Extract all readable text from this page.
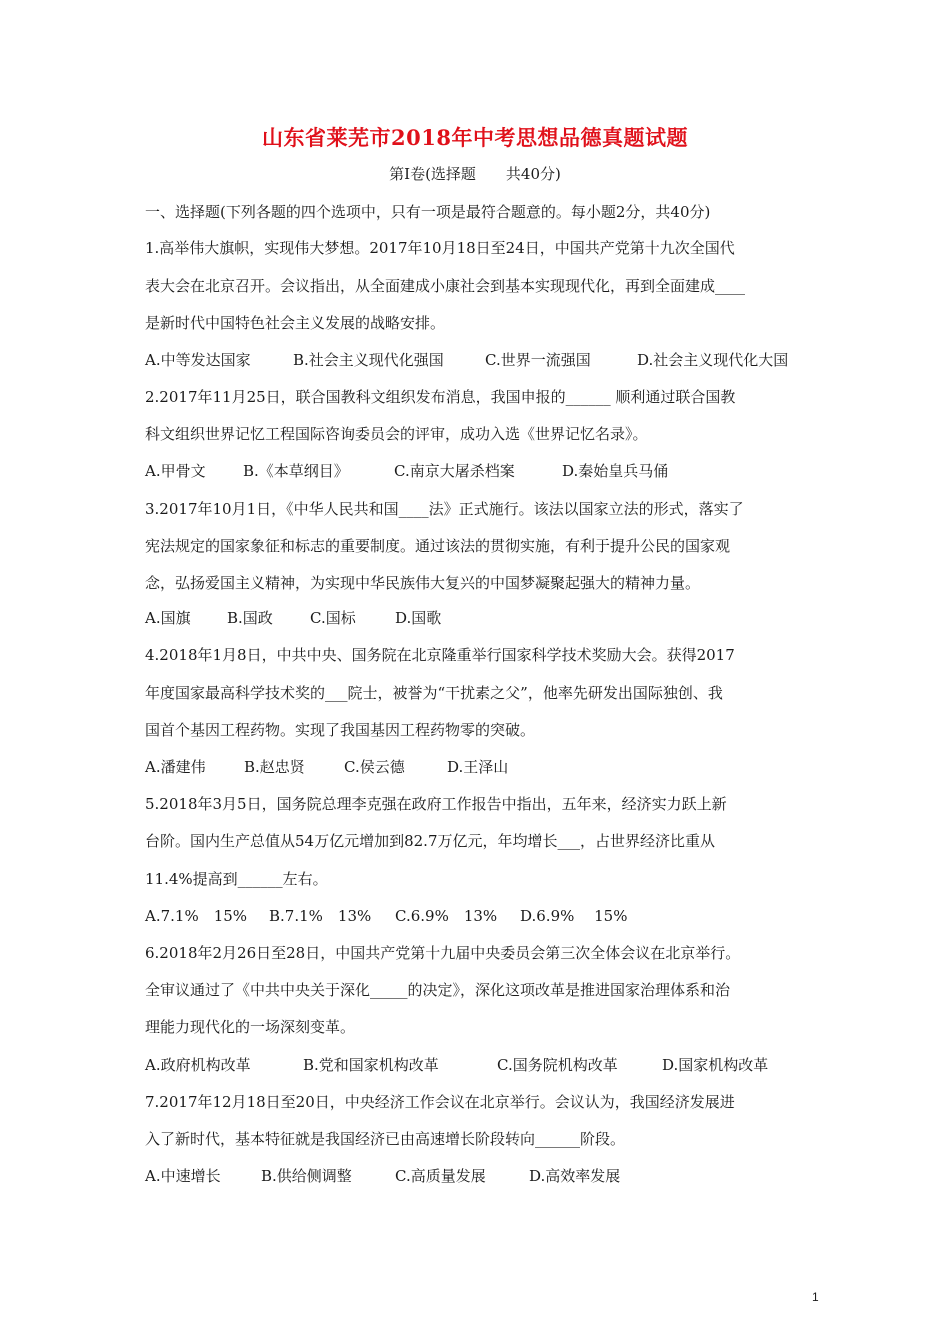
山东省莱芜市2018年中考思想品德真题试题
第Ⅰ卷(选择题　　共40分)
一、选择题(下列各题的四个选项中，只有一项是最符合题意的。每小题2分，共40分)
1.高举伟大旗帜，实现伟大梦想。2017年10月18日至24日，中国共产党第十九次全国代
表大会在北京召开。会议指出，从全面建成小康社会到基本实现现代化，再到全面建成____
是新时代中国特色社会主义发展的战略安排。
A.中等发达国家	B.社会主义现代化强国	C.世界一流强国	D.社会主义现代化大国
2.2017年11月25日，联合国教科文组织发布消息，我国申报的______ 顺利通过联合国教
科文组织世界记忆工程国际咨询委员会的评审，成功入选《世界记忆名录》。
A.甲骨文 B.《本草纲目》	C.南京大屠杀档案	D.秦始皇兵马俑
3.2017年10月1日，《中华人民共和国____法》正式施行。该法以国家立法的形式，落实了
宪法规定的国家象征和标志的重要制度。通过该法的贯彻实施，有利于提升公民的国家观
念，弘扬爱国主义精神，为实现中华民族伟大复兴的中国梦凝聚起强大的精神力量。
A.国旗 B.国政 C.国标	D.国歌
4.2018年1月8日，中共中央、国务院在北京隆重举行国家科学技术奖励大会。获得2017
年度国家最高科学技术奖的___院士，被誉为“干扰素之父”，他率先研发出国际独创、我
国首个基因工程药物。实现了我国基因工程药物零的突破。
A.潘建伟	B.赵忠贤	C.侯云德	D.王泽山
5.2018年3月5日，国务院总理李克强在政府工作报告中指出，五年来，经济实力跃上新
台阶。国内生产总值从54万亿元增加到82.7万亿元，年均增长___，占世界经济比重从
11.4%提高到______左右。
A.7.1%　15% B.7.1%　13% C.6.9%　13% D.6.9%　 15%
6.2018年2月26日至28日，中国共产党第十九届中央委员会第三次全体会议在北京举行。
全审议通过了《中共中央关于深化_____的决定》，深化这项改革是推进国家治理体系和治
理能力现代化的一场深刻变革。
A.政府机构改革	B.党和国家机构改革	C.国务院机构改革	D.国家机构改革
7.2017年12月18日至20日，中央经济工作会议在北京举行。会议认为，我国经济发展进
入了新时代，基本特征就是我国经济已由高速增长阶段转向______阶段。
A.中速增长	B.供给侧调整	C.高质量发展	D.高效率发展
1
